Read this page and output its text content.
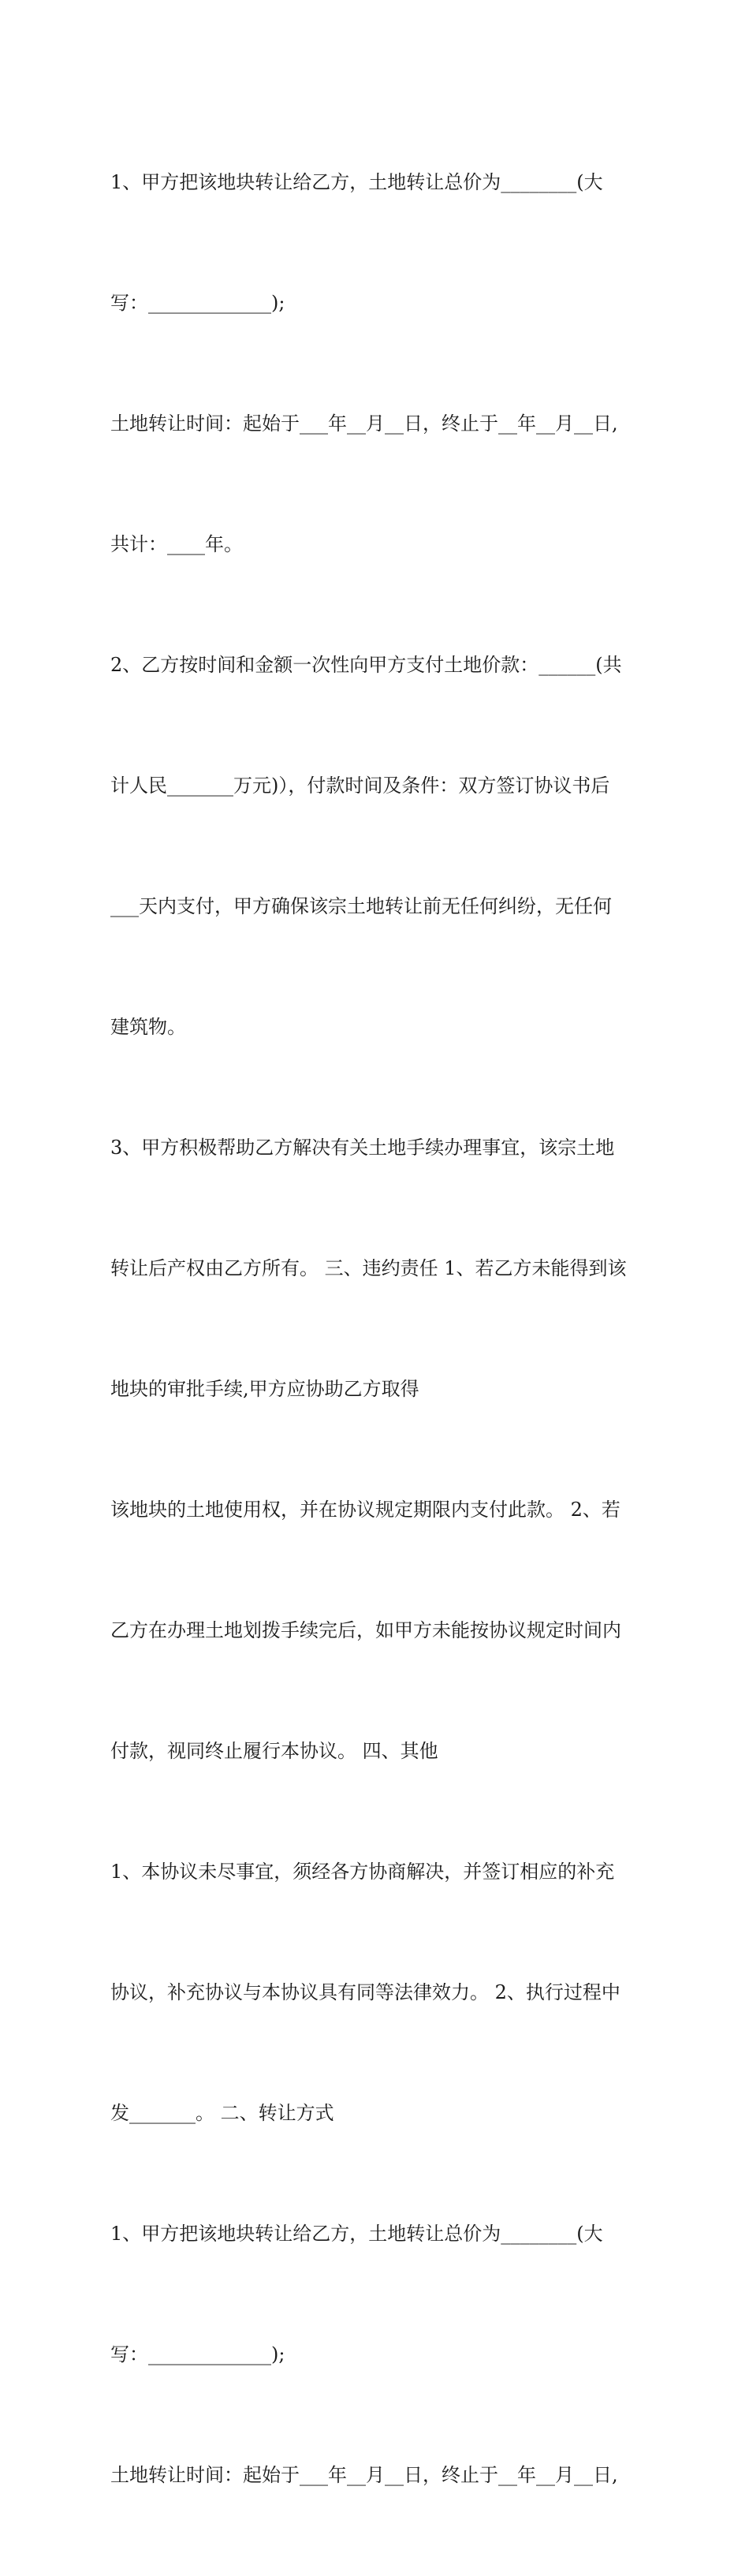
1、甲方把该地块转让给乙方，土地转让总价为________(大

写：_____________);

土地转让时间：起始于___年__月__日，终止于__年__月__日,

共计：____年。

2、乙方按时间和金额一次性向甲方支付土地价款：______(共

计人民_______万元)），付款时间及条件：双方签订协议书后

___天内支付，甲方确保该宗土地转让前无任何纠纷，无任何

建筑物。

3、甲方积极帮助乙方解决有关土地手续办理事宜，该宗土地

转让后产权由乙方所有。 三、违约责任 1、若乙方未能得到该

地块的审批手续,甲方应协助乙方取得

该地块的土地使用权，并在协议规定期限内支付此款。 2、若

乙方在办理土地划拨手续完后，如甲方未能按协议规定时间内

付款，视同终止履行本协议。 四、其他

1、本协议未尽事宜，须经各方协商解决，并签订相应的补充

协议，补充协议与本协议具有同等法律效力。 2、执行过程中

发_______。 二、转让方式

1、甲方把该地块转让给乙方，土地转让总价为________(大

写：_____________);

土地转让时间：起始于___年__月__日，终止于__年__月__日,
